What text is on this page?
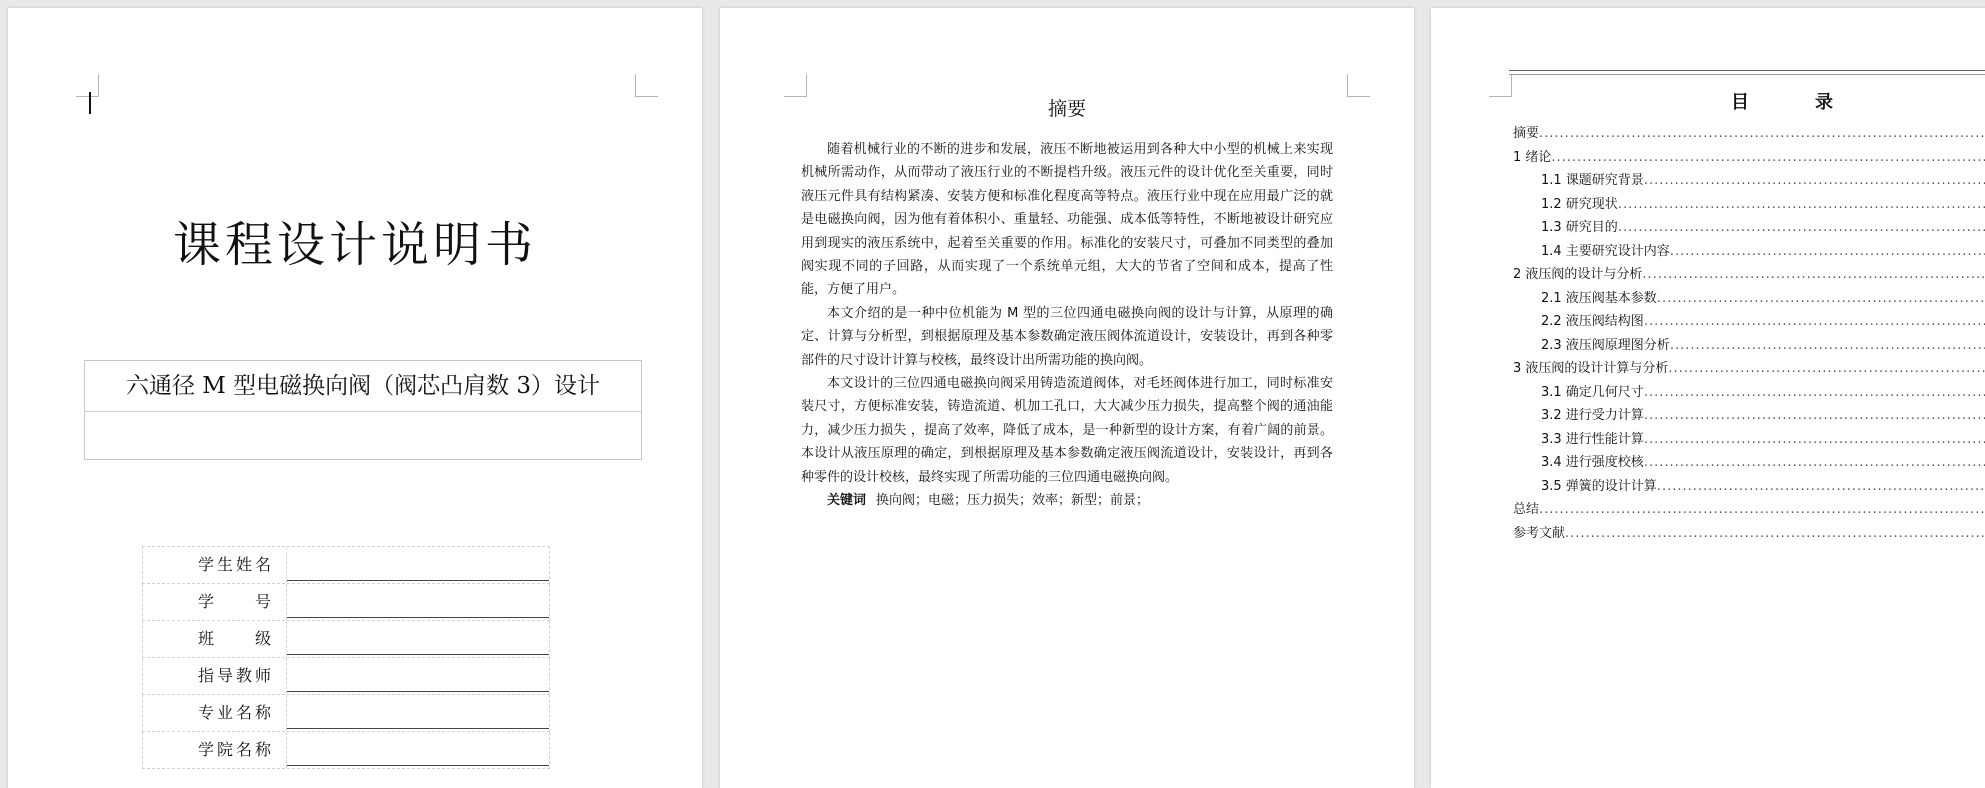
课程设计说明书
六通径 M 型电磁换向阀（阀芯凸肩数 3）设计
学生姓名
学　　号
班　　级
指导教师
专业名称
学院名称
摘要

随着机械行业的不断的进步和发展，液压不断地被运用到各种大中小型的机械上来实现机械所需动作，从而带动了液压行业的不断提档升级。液压元件的设计优化至关重要，同时液压元件具有结构紧凑、安装方便和标准化程度高等特点。液压行业中现在应用最广泛的就是电磁换向阀，因为他有着体积小、重量轻、功能强、成本低等特性，不断地被设计研究应用到现实的液压系统中，起着至关重要的作用。标准化的安装尺寸，可叠加不同类型的叠加阀实现不同的子回路，从而实现了一个系统单元组，大大的节省了空间和成本，提高了性能，方便了用户。

本文介绍的是一种中位机能为 M 型的三位四通电磁换向阀的设计与计算，从原理的确定、计算与分析型，到根据原理及基本参数确定液压阀体流道设计，安装设计，再到各种零部件的尺寸设计计算与校核，最终设计出所需功能的换向阀。

本文设计的三位四通电磁换向阀采用铸造流道阀体，对毛坯阀体进行加工，同时标准安装尺寸，方便标准安装，铸造流道、机加工孔口，大大减少压力损失，提高整个阀的通油能力，减少压力损失 ，提高了效率，降低了成本，是一种新型的设计方案，有着广阔的前景。本设计从液压原理的确定，到根据原理及基本参数确定液压阀流道设计，安装设计，再到各种零件的设计校核，最终实现了所需功能的三位四通电磁换向阀。

关键词 换向阀；电磁；压力损失；效率；新型；前景；

目	录
摘要
.....
1 绪论
.....
1.1 课题研究背景
.....
1.2 研究现状
.....
1.3 研究目的
.....
1.4 主要研究设计内容
.....
2 液压阀的设计与分析
.....
2.1 液压阀基本参数
.....
2.2 液压阀结构图
.....
2.3 液压阀原理图分析
.....
3 液压阀的设计计算与分析
.....
3.1 确定几何尺寸
.....
3.2 进行受力计算
.....
3.3 进行性能计算
.....
3.4 进行强度校核
.....
3.5 弹簧的设计计算
.....
总结
.....
参考文献
.....
